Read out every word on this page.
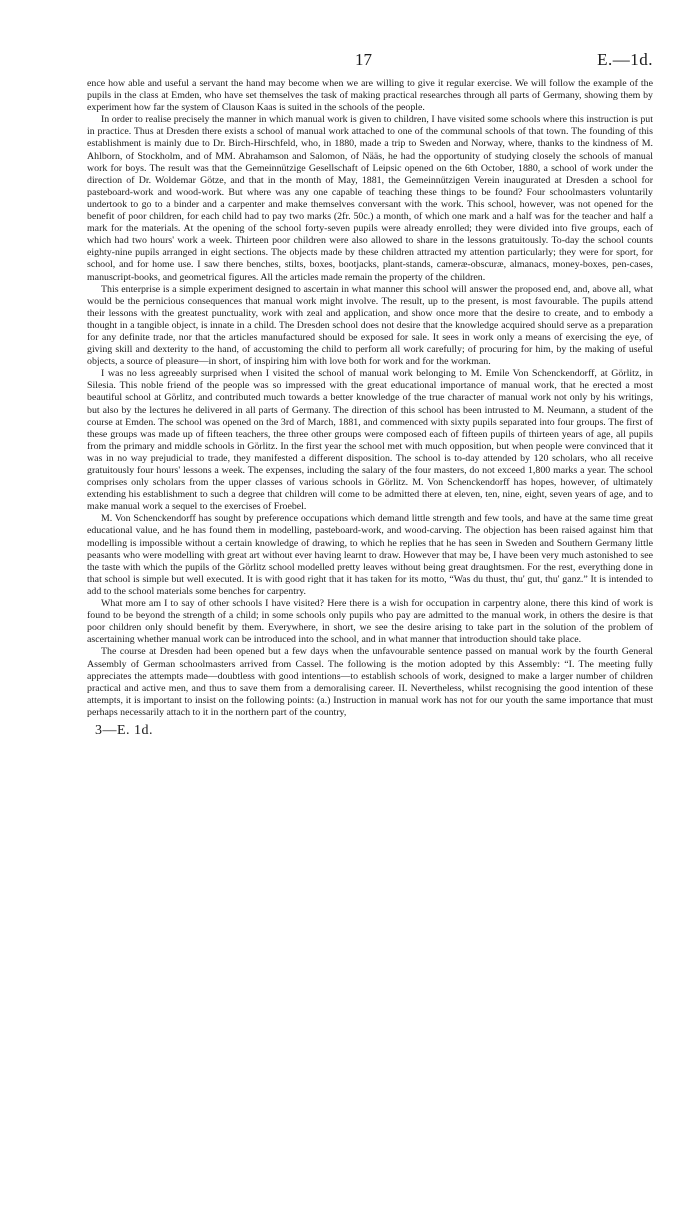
17	E.—1d.

ence how able and useful a servant the hand may become when we are willing to give it regular exercise. We will follow the example of the pupils in the class at Emden, who have set themselves the task of making practical researches through all parts of Germany, showing them by experiment how far the system of Clauson Kaas is suited in the schools of the people.

In order to realise precisely the manner in which manual work is given to children, I have visited some schools where this instruction is put in practice. Thus at Dresden there exists a school of manual work attached to one of the communal schools of that town. The founding of this establishment is mainly due to Dr. Birch-Hirschfeld, who, in 1880, made a trip to Sweden and Norway, where, thanks to the kindness of M. Ahlborn, of Stockholm, and of MM. Abrahamson and Salomon, of Nääs, he had the opportunity of studying closely the schools of manual work for boys. The result was that the Gemeinnützige Gesellschaft of Leipsic opened on the 6th October, 1880, a school of work under the direction of Dr. Woldemar Götze, and that in the month of May, 1881, the Gemeinnützigen Verein inaugurated at Dresden a school for pasteboard-work and wood-work. But where was any one capable of teaching these things to be found? Four schoolmasters voluntarily undertook to go to a binder and a carpenter and make themselves conversant with the work. This school, however, was not opened for the benefit of poor children, for each child had to pay two marks (2fr. 50c.) a month, of which one mark and a half was for the teacher and half a mark for the materials. At the opening of the school forty-seven pupils were already enrolled; they were divided into five groups, each of which had two hours' work a week. Thirteen poor children were also allowed to share in the lessons gratuitously. To-day the school counts eighty-nine pupils arranged in eight sections. The objects made by these children attracted my attention particularly; they were for sport, for school, and for home use. I saw there benches, stilts, boxes, bootjacks, plant-stands, cameræ-obscuræ, almanacs, money-boxes, pen-cases, manuscript-books, and geometrical figures. All the articles made remain the property of the children.

This enterprise is a simple experiment designed to ascertain in what manner this school will answer the proposed end, and, above all, what would be the pernicious consequences that manual work might involve. The result, up to the present, is most favourable. The pupils attend their lessons with the greatest punctuality, work with zeal and application, and show once more that the desire to create, and to embody a thought in a tangible object, is innate in a child. The Dresden school does not desire that the knowledge acquired should serve as a preparation for any definite trade, nor that the articles manufactured should be exposed for sale. It sees in work only a means of exercising the eye, of giving skill and dexterity to the hand, of accustoming the child to perform all work carefully; of procuring for him, by the making of useful objects, a source of pleasure—in short, of inspiring him with love both for work and for the workman.

I was no less agreeably surprised when I visited the school of manual work belonging to M. Emile Von Schenckendorff, at Görlitz, in Silesia. This noble friend of the people was so impressed with the great educational importance of manual work, that he erected a most beautiful school at Görlitz, and contributed much towards a better knowledge of the true character of manual work not only by his writings, but also by the lectures he delivered in all parts of Germany. The direction of this school has been intrusted to M. Neumann, a student of the course at Emden. The school was opened on the 3rd of March, 1881, and commenced with sixty pupils separated into four groups. The first of these groups was made up of fifteen teachers, the three other groups were composed each of fifteen pupils of thirteen years of age, all pupils from the primary and middle schools in Görlitz. In the first year the school met with much opposition, but when people were convinced that it was in no way prejudicial to trade, they manifested a different disposition. The school is to-day attended by 120 scholars, who all receive gratuitously four hours' lessons a week. The expenses, including the salary of the four masters, do not exceed 1,800 marks a year. The school comprises only scholars from the upper classes of various schools in Görlitz. M. Von Schenckendorff has hopes, however, of ultimately extending his establishment to such a degree that children will come to be admitted there at eleven, ten, nine, eight, seven years of age, and to make manual work a sequel to the exercises of Froebel.

M. Von Schenckendorff has sought by preference occupations which demand little strength and few tools, and have at the same time great educational value, and he has found them in modelling, pasteboard-work, and wood-carving. The objection has been raised against him that modelling is impossible without a certain knowledge of drawing, to which he replies that he has seen in Sweden and Southern Germany little peasants who were modelling with great art without ever having learnt to draw. However that may be, I have been very much astonished to see the taste with which the pupils of the Görlitz school modelled pretty leaves without being great draughtsmen. For the rest, everything done in that school is simple but well executed. It is with good right that it has taken for its motto, “Was du thust, thu' gut, thu' ganz.” It is intended to add to the school materials some benches for carpentry.

What more am I to say of other schools I have visited? Here there is a wish for occupation in carpentry alone, there this kind of work is found to be beyond the strength of a child; in some schools only pupils who pay are admitted to the manual work, in others the desire is that poor children only should benefit by them. Everywhere, in short, we see the desire arising to take part in the solution of the problem of ascertaining whether manual work can be introduced into the school, and in what manner that introduction should take place.

The course at Dresden had been opened but a few days when the unfavourable sentence passed on manual work by the fourth General Assembly of German schoolmasters arrived from Cassel. The following is the motion adopted by this Assembly: “I. The meeting fully appreciates the attempts made—doubtless with good intentions—to establish schools of work, designed to make a larger number of children practical and active men, and thus to save them from a demoralising career. II. Nevertheless, whilst recognising the good intention of these attempts, it is important to insist on the following points: (a.) Instruction in manual work has not for our youth the same importance that must perhaps necessarily attach to it in the northern part of the country,

3—E. 1d.
